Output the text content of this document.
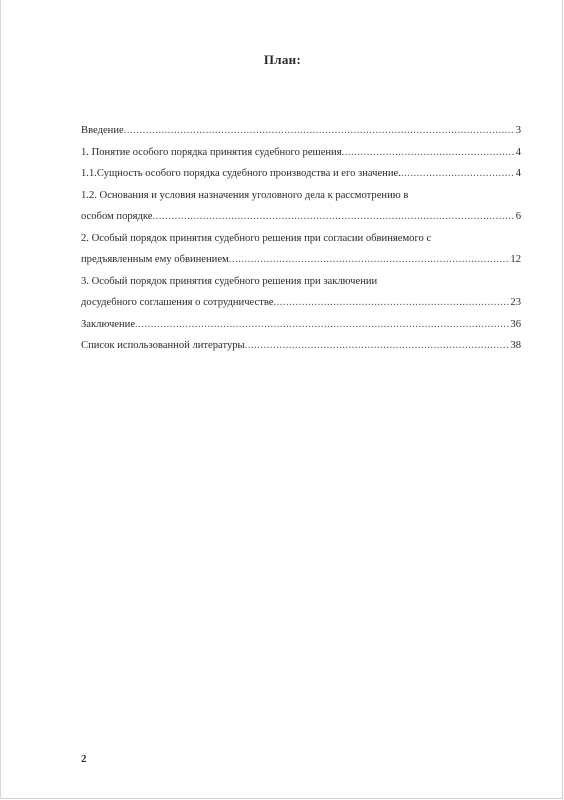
План:
Введение .....	3
1. Понятие особого порядка принятия судебного решения .....	4
1.1.Сущность особого порядка судебного производства и его значение. .....	4
1.2. Основания и условия назначения уголовного дела к рассмотрению в
особом порядке .....	6
2. Особый порядок принятия судебного решения при согласии обвиняемого с
предъявленным ему обвинением .....	12
3. Особый порядок принятия судебного решения при заключении
досудебного соглашения о сотрудничестве .....	23
Заключение .....	36
Список использованной литературы .....	38
2
